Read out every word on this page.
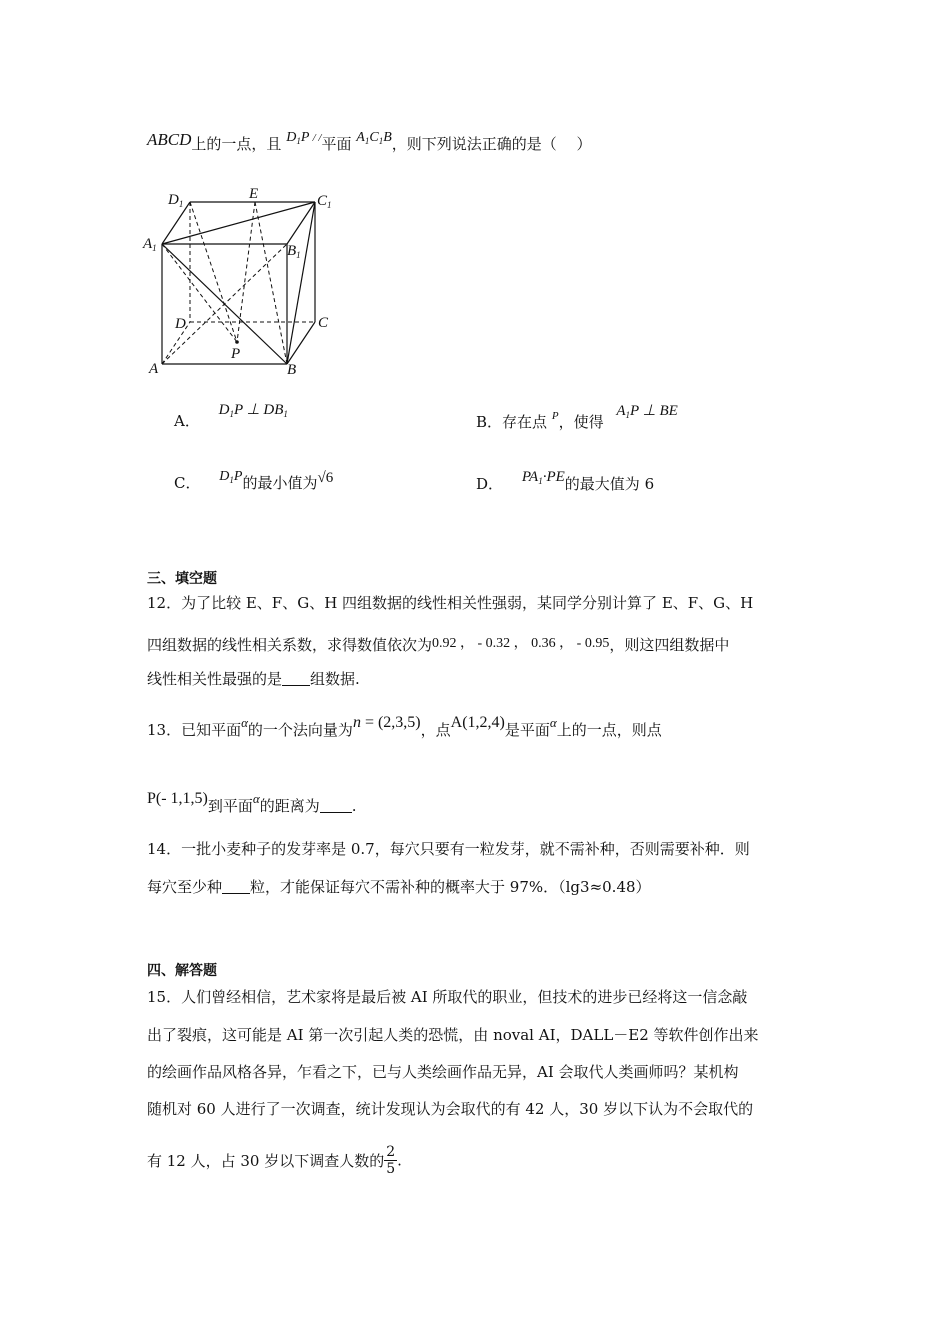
ABCD上的一点，且 $D_1P$ / /平面 $A_1C_1B$，则下列说法正确的是（　 ）
$D_1$
E	$C_1$
$A_1$	$B_1$
D	C
P
A	B
A． $D_1P$ ⊥ $DB_1$	B．存在点 $^P$，使得 $A_1P$ ⊥ BE
C． $D_1P$的最小值为√6	D． $PA_1\cdot PE$的最大值为 6
三、填空题
12．为了比较 E、F、G、H 四组数据的线性相关性强弱，某同学分别计算了 E、F、G、H
四组数据的线性相关系数，求得数值依次为0.92 ， - 0.32 ， 0.36 ， - 0.95，则这四组数据中
线性相关性最强的是 组数据.
13．已知平面α的一个法向量为n = (2,3,5)，点A(1,2,4)是平面α上的一点，则点
P(- 1,1,5)到平面α的距离为 .
14．一批小麦种子的发芽率是 0.7，每穴只要有一粒发芽，就不需补种，否则需要补种．则
每穴至少种 粒，才能保证每穴不需补种的概率大于 97%．（lg3≈0.48）
四、解答题
15．人们曾经相信，艺术家将是最后被 AI 所取代的职业，但技术的进步已经将这一信念敲
出了裂痕，这可能是 AI 第一次引起人类的恐慌，由 noval AI，DALL－E2 等软件创作出来
的绘画作品风格各异，乍看之下，已与人类绘画作品无异，AI 会取代人类画师吗？某机构
随机对 60 人进行了一次调查，统计发现认为会取代的有 42 人，30 岁以下认为不会取代的
有 12 人，占 30 岁以下调查人数的 $\frac{2}{5}$ .
